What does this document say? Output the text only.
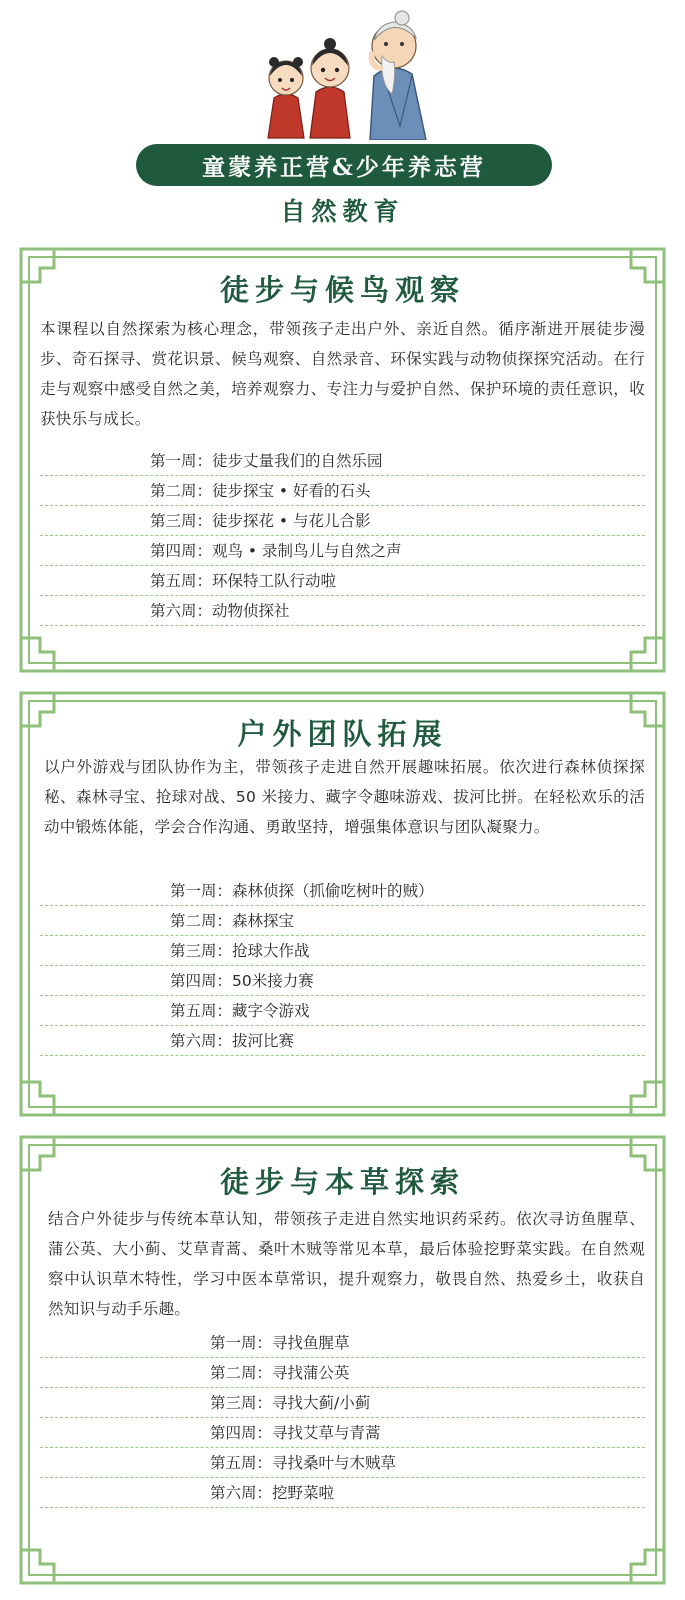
童蒙养正营&少年养志营
自然教育
徒步与候鸟观察
本课程以自然探索为核心理念，带领孩子走出户外、亲近自然。循序渐进开展徒步漫步、奇石探寻、赏花识景、候鸟观察、自然录音、环保实践与动物侦探探究活动。在行走与观察中感受自然之美，培养观察力、专注力与爱护自然、保护环境的责任意识，收获快乐与成长。
第一周：徒步丈量我们的自然乐园
第二周：徒步探宝 • 好看的石头
第三周：徒步探花 • 与花儿合影
第四周：观鸟 • 录制鸟儿与自然之声
第五周：环保特工队行动啦
第六周：动物侦探社
户外团队拓展
以户外游戏与团队协作为主，带领孩子走进自然开展趣味拓展。依次进行森林侦探探秘、森林寻宝、抢球对战、50 米接力、藏字令趣味游戏、拔河比拼。在轻松欢乐的活动中锻炼体能，学会合作沟通、勇敢坚持，增强集体意识与团队凝聚力。
第一周：森林侦探（抓偷吃树叶的贼）
第二周：森林探宝
第三周：抢球大作战
第四周：50米接力赛
第五周：藏字令游戏
第六周：拔河比赛
徒步与本草探索
结合户外徒步与传统本草认知，带领孩子走进自然实地识药采药。依次寻访鱼腥草、蒲公英、大小蓟、艾草青蒿、桑叶木贼等常见本草，最后体验挖野菜实践。在自然观察中认识草木特性，学习中医本草常识，提升观察力，敬畏自然、热爱乡土，收获自然知识与动手乐趣。
第一周：寻找鱼腥草
第二周：寻找蒲公英
第三周：寻找大蓟/小蓟
第四周：寻找艾草与青蒿
第五周：寻找桑叶与木贼草
第六周：挖野菜啦
